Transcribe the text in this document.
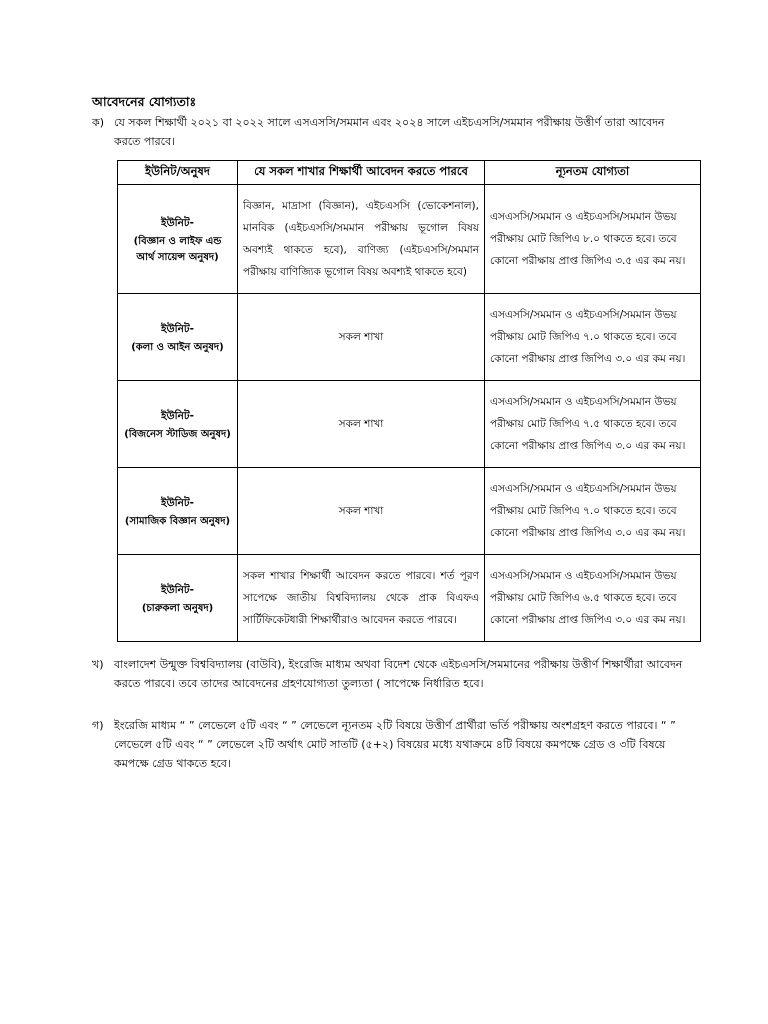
আবেদনের যোগ্যতাঃ
ক) যে সকল শিক্ষার্থী ২০২১ বা ২০২২ সালে এসএসসি/সমমান এবং ২০২৪ সালে এইচএসসি/সমমান পরীক্ষায় উত্তীর্ণ তারা আবেদন করতে পারবে।
ইউনিট/অনুষদ	যে সকল শাখার শিক্ষার্থী আবেদন করতে পারবে	ন্যূনতম যোগ্যতা
ইউনিট-
(বিজ্ঞান ও লাইফ এন্ড আর্থ সায়েন্স অনুষদ)	বিজ্ঞান, মাদ্রাসা (বিজ্ঞান), এইচএসসি (ভোকেশনাল), মানবিক (এইচএসসি/সমমান পরীক্ষায় ভূগোল বিষয় অবশ্যই থাকতে হবে), বাণিজ্য (এইচএসসি/সমমান পরীক্ষায় বাণিজ্যিক ভূগোল বিষয় অবশ্যই থাকতে হবে)	এসএসসি/সমমান ও এইচএসসি/সমমান উভয় পরীক্ষায় মোট জিপিএ ৮.০ থাকতে হবে। তবে কোনো পরীক্ষায় প্রাপ্ত জিপিএ ৩.৫ এর কম নয়।
ইউনিট-
(কলা ও আইন অনুষদ)	সকল শাখা	এসএসসি/সমমান ও এইচএসসি/সমমান উভয় পরীক্ষায় মোট জিপিএ ৭.০ থাকতে হবে। তবে কোনো পরীক্ষায় প্রাপ্ত জিপিএ ৩.০ এর কম নয়।
ইউনিট-
(বিজনেস স্টাডিজ অনুষদ)	সকল শাখা	এসএসসি/সমমান ও এইচএসসি/সমমান উভয় পরীক্ষায় মোট জিপিএ ৭.৫ থাকতে হবে। তবে কোনো পরীক্ষায় প্রাপ্ত জিপিএ ৩.০ এর কম নয়।
ইউনিট-
(সামাজিক বিজ্ঞান অনুষদ)	সকল শাখা	এসএসসি/সমমান ও এইচএসসি/সমমান উভয় পরীক্ষায় মোট জিপিএ ৭.০ থাকতে হবে। তবে কোনো পরীক্ষায় প্রাপ্ত জিপিএ ৩.০ এর কম নয়।
ইউনিট-
(চারুকলা অনুষদ)	সকল শাখার শিক্ষার্থী আবেদন করতে পারবে। শর্ত পূরণ সাপেক্ষে জাতীয় বিশ্ববিদ্যালয় থেকে প্রাক বিএফএ সার্টিফিকেটধারী শিক্ষার্থীরাও আবেদন করতে পারবে।	এসএসসি/সমমান ও এইচএসসি/সমমান উভয় পরীক্ষায় মোট জিপিএ ৬.৫ থাকতে হবে। তবে কোনো পরীক্ষায় প্রাপ্ত জিপিএ ৩.০ এর কম নয়।
খ) বাংলাদেশ উন্মুক্ত বিশ্ববিদ্যালয় (বাউবি), ইংরেজি মাধ্যম অথবা বিদেশ থেকে এইচএসসি/সমমানের পরীক্ষায় উত্তীর্ণ শিক্ষার্থীরা আবেদন করতে পারবে। তবে তাদের আবেদনের গ্রহণযোগ্যতা তুল্যতা ( সাপেক্ষে নির্ধারিত হবে।
গ) ইংরেজি মাধ্যম “ ” লেভেলে ৫টি এবং “ ” লেভেলে ন্যূনতম ২টি বিষয়ে উত্তীর্ণ প্রার্থীরা ভর্তি পরীক্ষায় অংশগ্রহণ করতে পারবে। “ ” লেভেলে ৫টি এবং “ ” লেভেলে ২টি অর্থাৎ মোট সাতটি (৫+২) বিষয়ের মধ্যে যথাক্রমে ৪টি বিষয়ে কমপক্ষে গ্রেড ও ৩টি বিষয়ে কমপক্ষে গ্রেড থাকতে হবে।
